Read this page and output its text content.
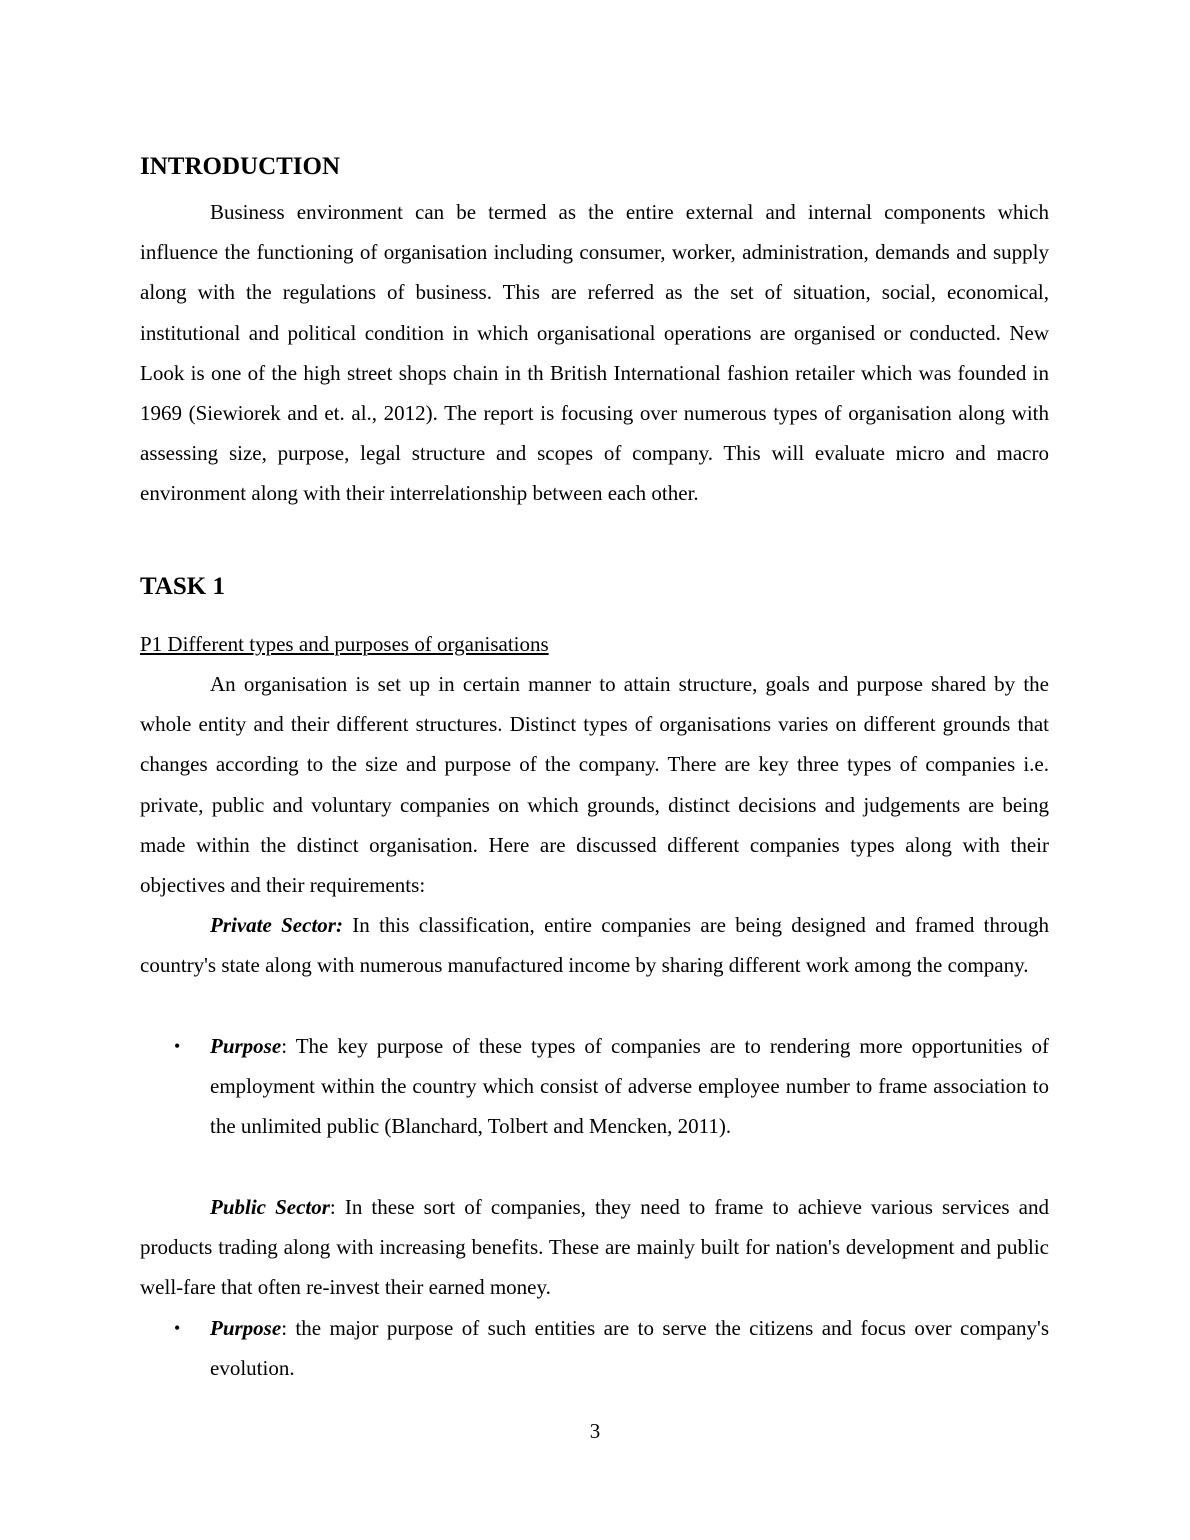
INTRODUCTION

Business environment can be termed as the entire external and internal components which influence the functioning of organisation including consumer, worker, administration, demands and supply along with the regulations of business. This are referred as the set of situation, social, economical, institutional and political condition in which organisational operations are organised or conducted. New Look is one of the high street shops chain in th British International fashion retailer which was founded in 1969 (Siewiorek and et. al., 2012). The report is focusing over numerous types of organisation along with assessing size, purpose, legal structure and scopes of company. This will evaluate micro and macro environment along with their interrelationship between each other.

TASK 1

P1 Different types and purposes of organisations

An organisation is set up in certain manner to attain structure, goals and purpose shared by the whole entity and their different structures. Distinct types of organisations varies on different grounds that changes according to the size and purpose of the company. There are key three types of companies i.e. private, public and voluntary companies on which grounds, distinct decisions and judgements are being made within the distinct organisation. Here are discussed different companies types along with their objectives and their requirements:

Private Sector: In this classification, entire companies are being designed and framed through country's state along with numerous manufactured income by sharing different work among the company.

• Purpose: The key purpose of these types of companies are to rendering more opportunities of employment within the country which consist of adverse employee number to frame association to the unlimited public (Blanchard, Tolbert and Mencken, 2011).

Public Sector: In these sort of companies, they need to frame to achieve various services and products trading along with increasing benefits. These are mainly built for nation's development and public well-fare that often re-invest their earned money.

• Purpose: the major purpose of such entities are to serve the citizens and focus over company's evolution.
3
